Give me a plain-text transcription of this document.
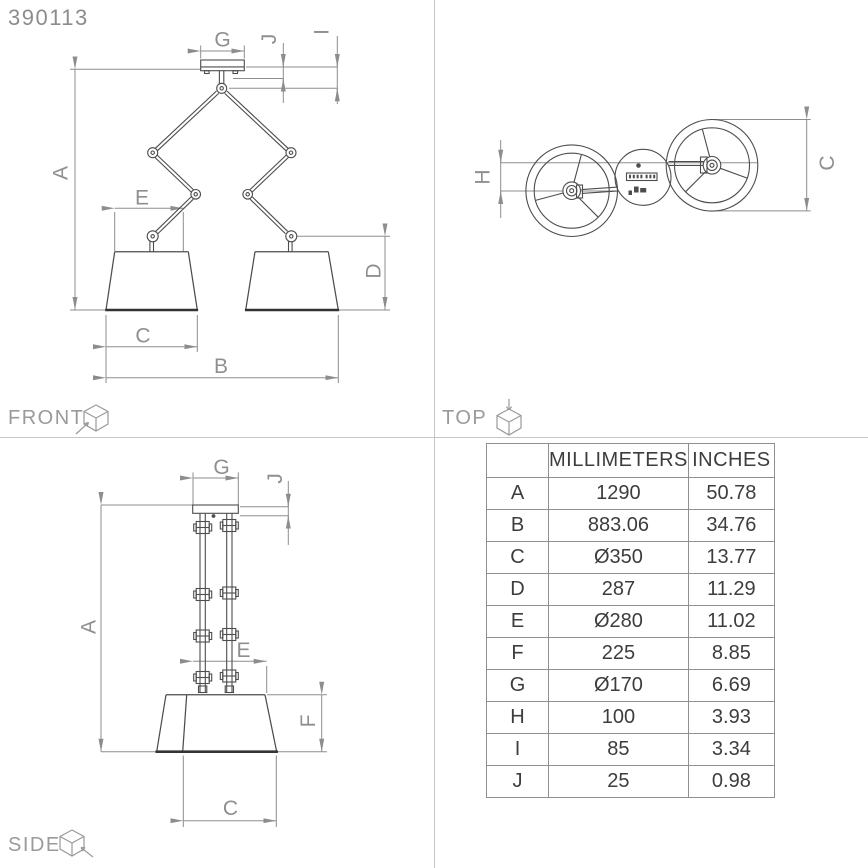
390113
A
G J
I
E
D
C
B
H
C
G J
A
E
F
C
FRONT	TOP
SIDE
	MILLIMETERS	INCHES
A	1290	50.78
B	883.06	34.76
C	Ø350	13.77
D	287	11.29
E	Ø280	11.02
F	225	8.85
G	Ø170	6.69
H	100	3.93
I	85	3.34
J	25	0.98
